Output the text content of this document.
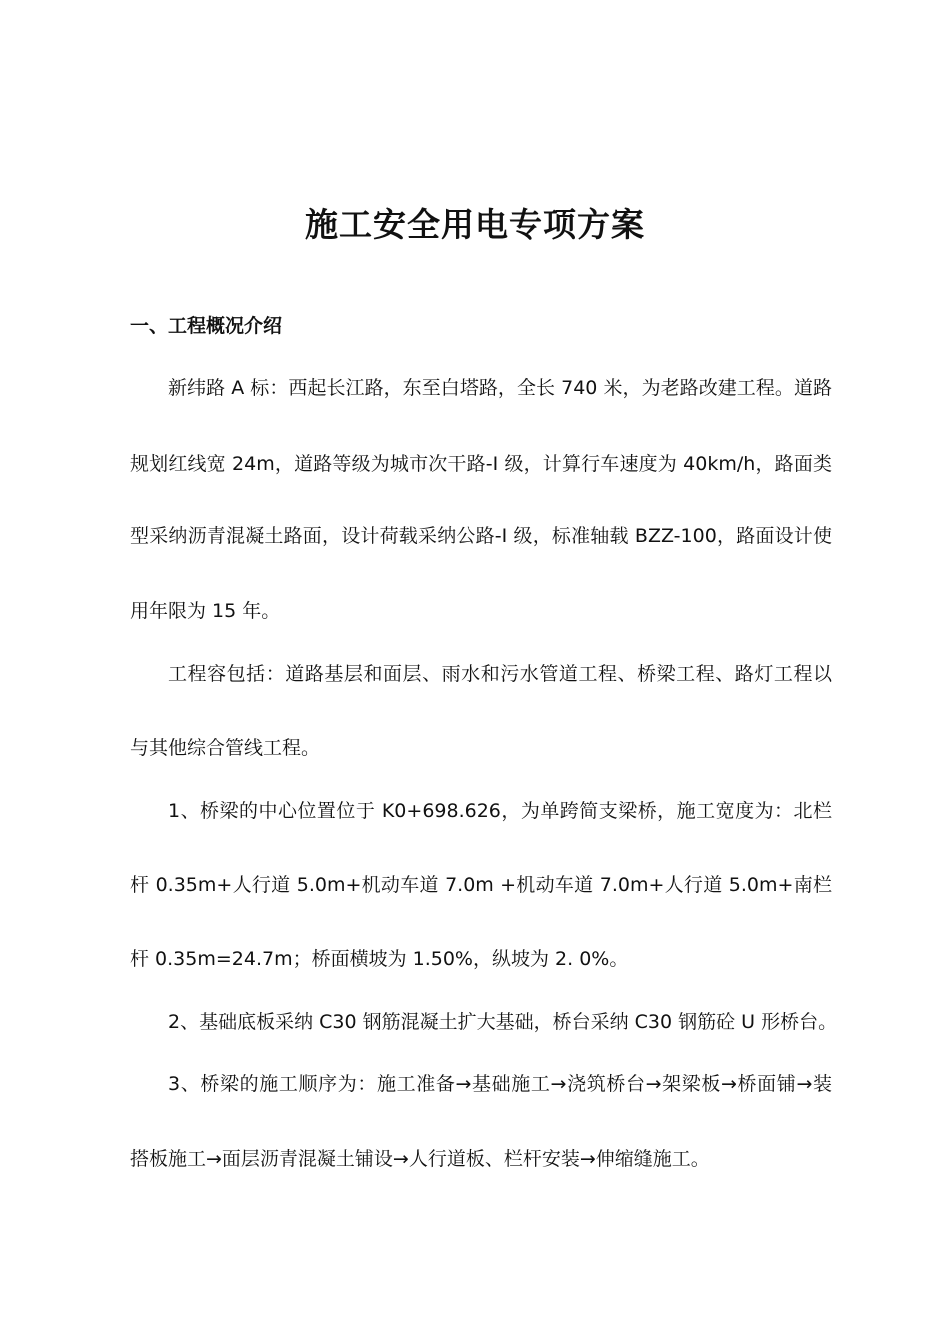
施工安全用电专项方案
一、工程概况介绍
新纬路 A 标：西起长江路，东至白塔路，全长 740 米，为老路改建工程。道路
规划红线宽 24m，道路等级为城市次干路-I 级，计算行车速度为 40km/h，路面类
型采纳沥青混凝土路面，设计荷载采纳公路-I 级，标准轴载 BZZ-100，路面设计使
用年限为 15 年。
工程容包括：道路基层和面层、雨水和污水管道工程、桥梁工程、路灯工程以
与其他综合管线工程。
1、桥梁的中心位置位于 K0+698.626，为单跨简支梁桥，施工宽度为：北栏
杆 0.35m+人行道 5.0m+机动车道 7.0m +机动车道 7.0m+人行道 5.0m+南栏
杆 0.35m=24.7m；桥面横坡为 1.50%，纵坡为 2. 0%。
2、基础底板采纳 C30 钢筋混凝土扩大基础，桥台采纳 C30 钢筋砼 U 形桥台。
3、桥梁的施工顺序为：施工准备→基础施工→浇筑桥台→架梁板→桥面铺→装
搭板施工→面层沥青混凝土铺设→人行道板、栏杆安装→伸缩缝施工。
